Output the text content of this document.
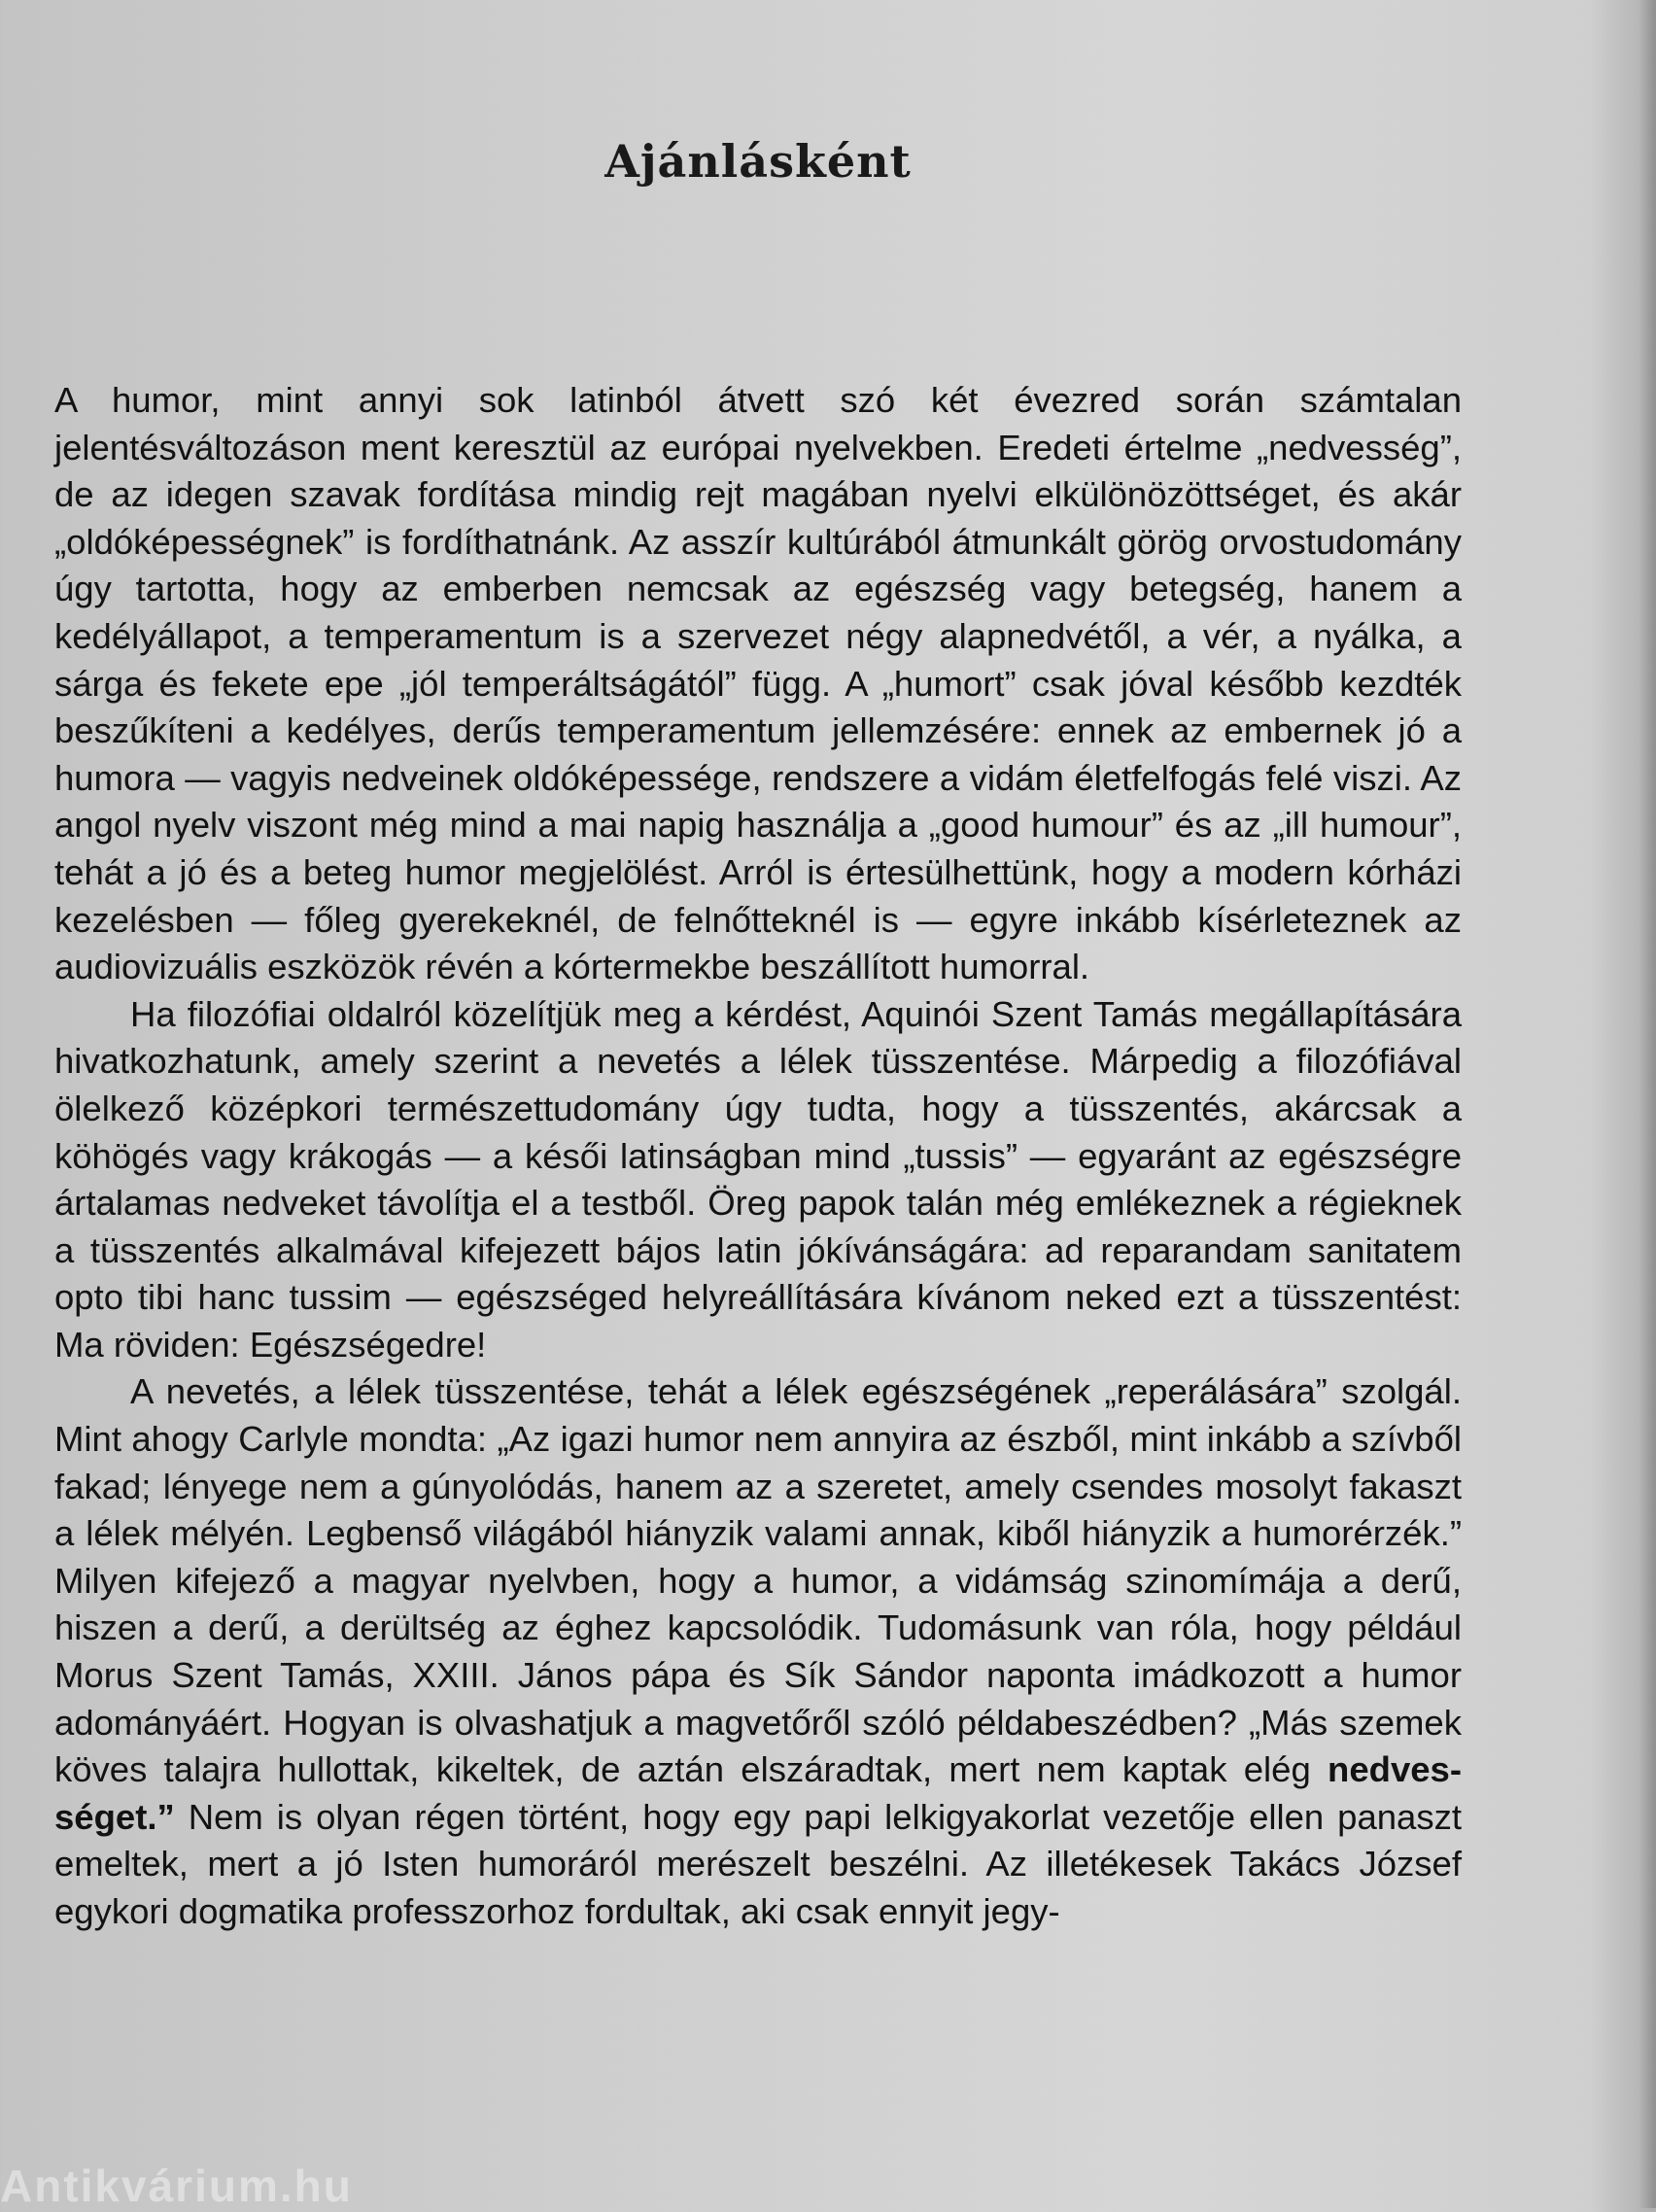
Ajánlásként

A humor, mint annyi sok latinból átvett szó két évezred során számtalan jelentésváltozáson ment keresztül az európai nyelvekben. Eredeti értelme „nedvesség”, de az idegen szavak fordítása mindig rejt magában nyelvi elkülönözöttséget, és akár „oldóképességnek” is fordíthatnánk. Az asszír kultúrából átmunkált görög orvostudomány úgy tartotta, hogy az emberben nemcsak az egészség vagy betegség, hanem a kedélyállapot, a temperamentum is a szervezet négy alapnedvétől, a vér, a nyálka, a sárga és fekete epe „jól temperáltságától” függ. A „humort” csak jóval később kezdték beszűkíteni a kedélyes, derűs temperamentum jellemzésére: ennek az embernek jó a humora — vagyis nedveinek oldóképessége, rendszere a vidám életfelfogás felé viszi. Az angol nyelv viszont még mind a mai napig használja a „good humour” és az „ill humour”, tehát a jó és a beteg humor megjelölést. Arról is értesülhettünk, hogy a modern kórházi kezelésben — főleg gyerekeknél, de felnőtteknél is — egyre inkább kísérleteznek az audiovizuális eszközök révén a kórtermekbe beszállított humorral.

Ha filozófiai oldalról közelítjük meg a kérdést, Aquinói Szent Tamás megállapítására hivatkozhatunk, amely szerint a nevetés a lélek tüsszentése. Márpedig a filozófiával ölelkező középkori természettudomány úgy tudta, hogy a tüsszentés, akárcsak a köhögés vagy krákogás — a késői latinságban mind „tussis” — egyaránt az egészségre ártalamas nedveket távolítja el a testből. Öreg papok talán még emlékeznek a régieknek a tüsszentés alkalmával kifejezett bájos latin jókívánságára: ad reparandam sanitatem opto tibi hanc tussim — egészséged helyreállítására kívánom neked ezt a tüsszentést: Ma röviden: Egészségedre!

A nevetés, a lélek tüsszentése, tehát a lélek egészségének „reperálására” szolgál. Mint ahogy Carlyle mondta: „Az igazi humor nem annyira az észből, mint inkább a szívből fakad; lényege nem a gúnyolódás, hanem az a szeretet, amely csendes mosolyt fakaszt a lélek mélyén. Legbenső világából hiányzik valami annak, kiből hiányzik a humorérzék.” Milyen kifejező a magyar nyelvben, hogy a humor, a vidámság szinomímája a derű, hiszen a derű, a derültség az éghez kapcsolódik. Tudomásunk van róla, hogy például Morus Szent Tamás, XXIII. János pápa és Sík Sándor naponta imádkozott a humor adományáért. Hogyan is olvashatjuk a magvetőről szóló példabeszédben? „Más szemek köves talajra hullottak, kikeltek, de aztán elszáradtak, mert nem kaptak elég nedvességet.” Nem is olyan régen történt, hogy egy papi lelkigyakorlat vezetője ellen panaszt emeltek, mert a jó Isten humoráról merészelt beszélni. Az illetékesek Takács József egykori dogmatika professzorhoz fordultak, aki csak ennyit jegy-

Antikvárium.hu
